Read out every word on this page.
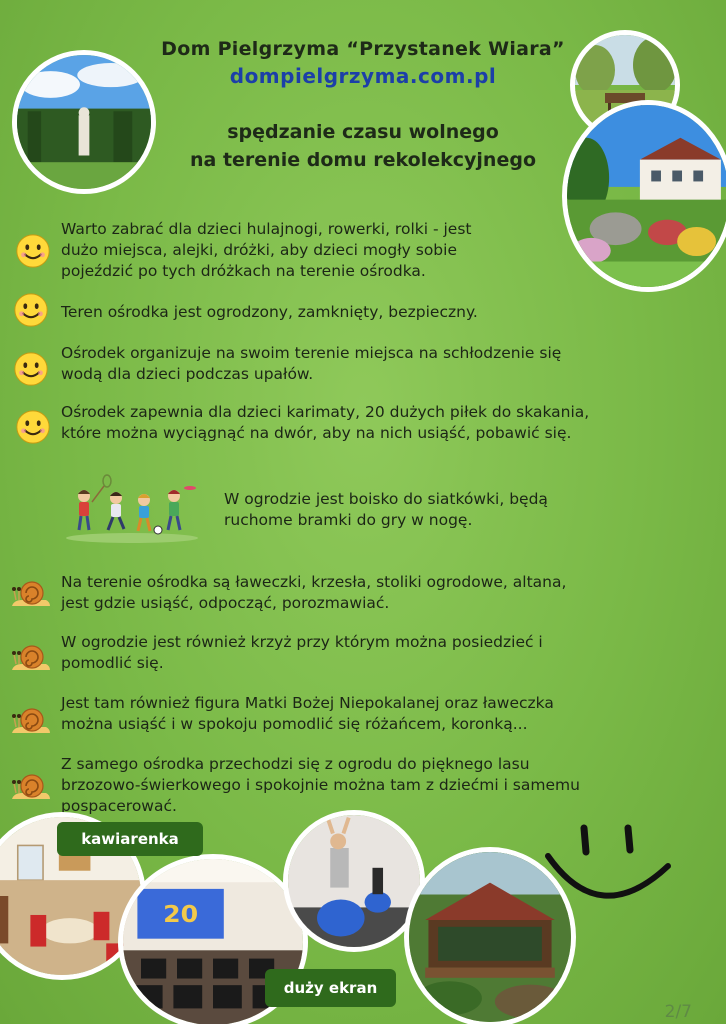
Dom Pielgrzyma “Przystanek Wiara”
dompielgrzyma.com.pl
spędzanie czasu wolnego
na terenie domu rekolekcyjnego
Warto zabrać dla dzieci hulajnogi, rowerki, rolki - jest
dużo miejsca, alejki, dróżki, aby dzieci mogły sobie
pojeździć po tych dróżkach na terenie ośrodka.
Teren ośrodka jest ogrodzony, zamknięty, bezpieczny.
Ośrodek organizuje na swoim terenie miejsca na schłodzenie się
wodą dla dzieci podczas upałów.
Ośrodek zapewnia dla dzieci karimaty, 20 dużych piłek do skakania,
które można wyciągnąć na dwór, aby na nich usiąść, pobawić się.
W ogrodzie jest boisko do siatkówki, będą
ruchome bramki do gry w nogę.
Na terenie ośrodka są ławeczki, krzesła, stoliki ogrodowe, altana,
jest gdzie usiąść, odpocząć, porozmawiać.
W ogrodzie jest również krzyż przy którym można posiedzieć i
pomodlić się.
Jest tam również figura Matki Bożej Niepokalanej oraz ławeczka
można usiąść i w spokoju pomodlić się różańcem, koronką...
Z samego ośrodka przechodzi się z ogrodu do pięknego lasu
brzozowo-świerkowego i spokojnie można tam z dziećmi i samemu
pospacerować.
20
kawiarenka
duży ekran
2/7
